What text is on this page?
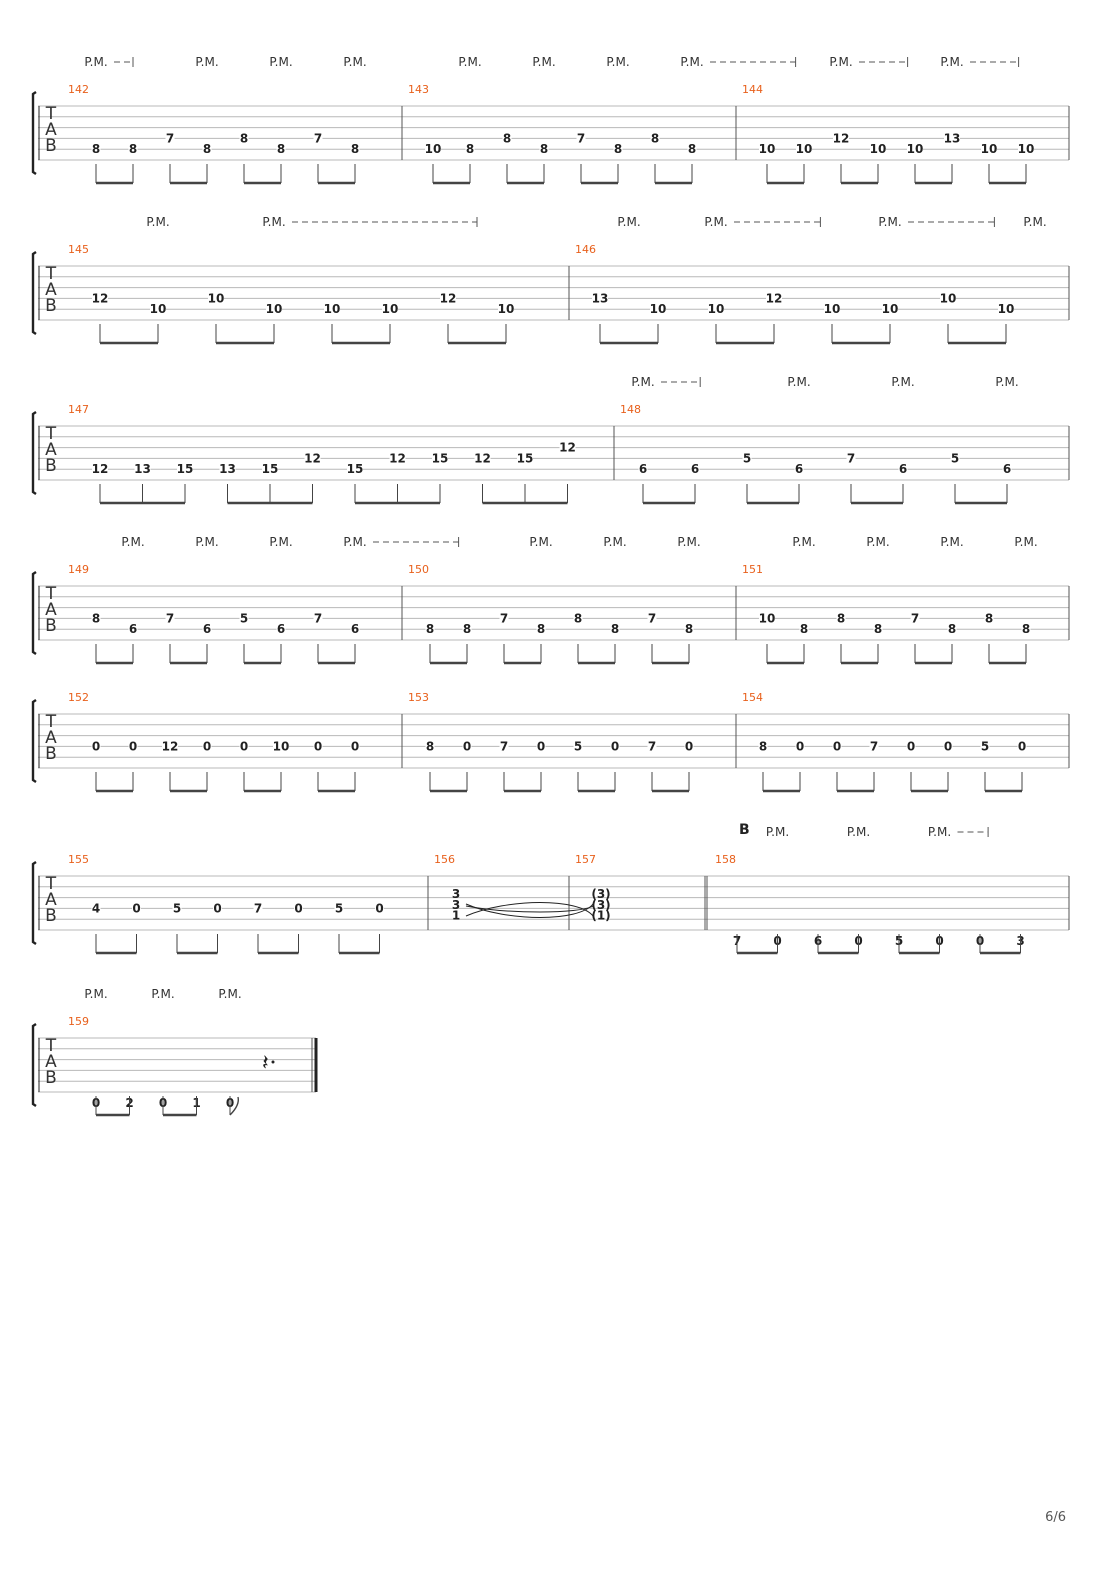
T
A
B
142
8 8
7
8
8
8
7
8
P.M.	P.M.	P.M.	P.M.
143
10 8
8
8
7
8
8
8
P.M.	P.M.	P.M.	P.M.
144
10 10
12
10 10
13
10 10
P.M.	P.M.
T
A
B
145
12
10
10
10	10	10
12
10
P.M.	P.M.
146
13
10	10
12
10	10
10
10
P.M.	P.M.	P.M.	P.M.
T
A
B
147
12 13 15 13 15
12
15
12 15 12 15
12
148
6	6
5
6
7
6
5
6
P.M.	P.M.	P.M.	P.M.
T
A
B
149
8
6
7
6
5
6
7
6
P.M.	P.M.	P.M.	P.M.
150
8 8
7
8
8
8
7
8
P.M.	P.M.	P.M.
151
10
8
8
8
7
8
8
8
P.M.	P.M.	P.M.	P.M.
T
A
B
152
0 0 12 0 0 10 0 0
153
8 0 7 0 5 0 7 0
154
8 0 0 7 0 0 5 0
T
A
B
155
4	0	5	0	7	0	5	0
156
3
3
1
157
(3)
(3)
(1)
158
B
7	0	6	0	5	0	0	3
P.M.	P.M.	P.M.
T
A
B
159
0 2 0 1 0
𝄽
P.M.	P.M.	P.M.
6/6
